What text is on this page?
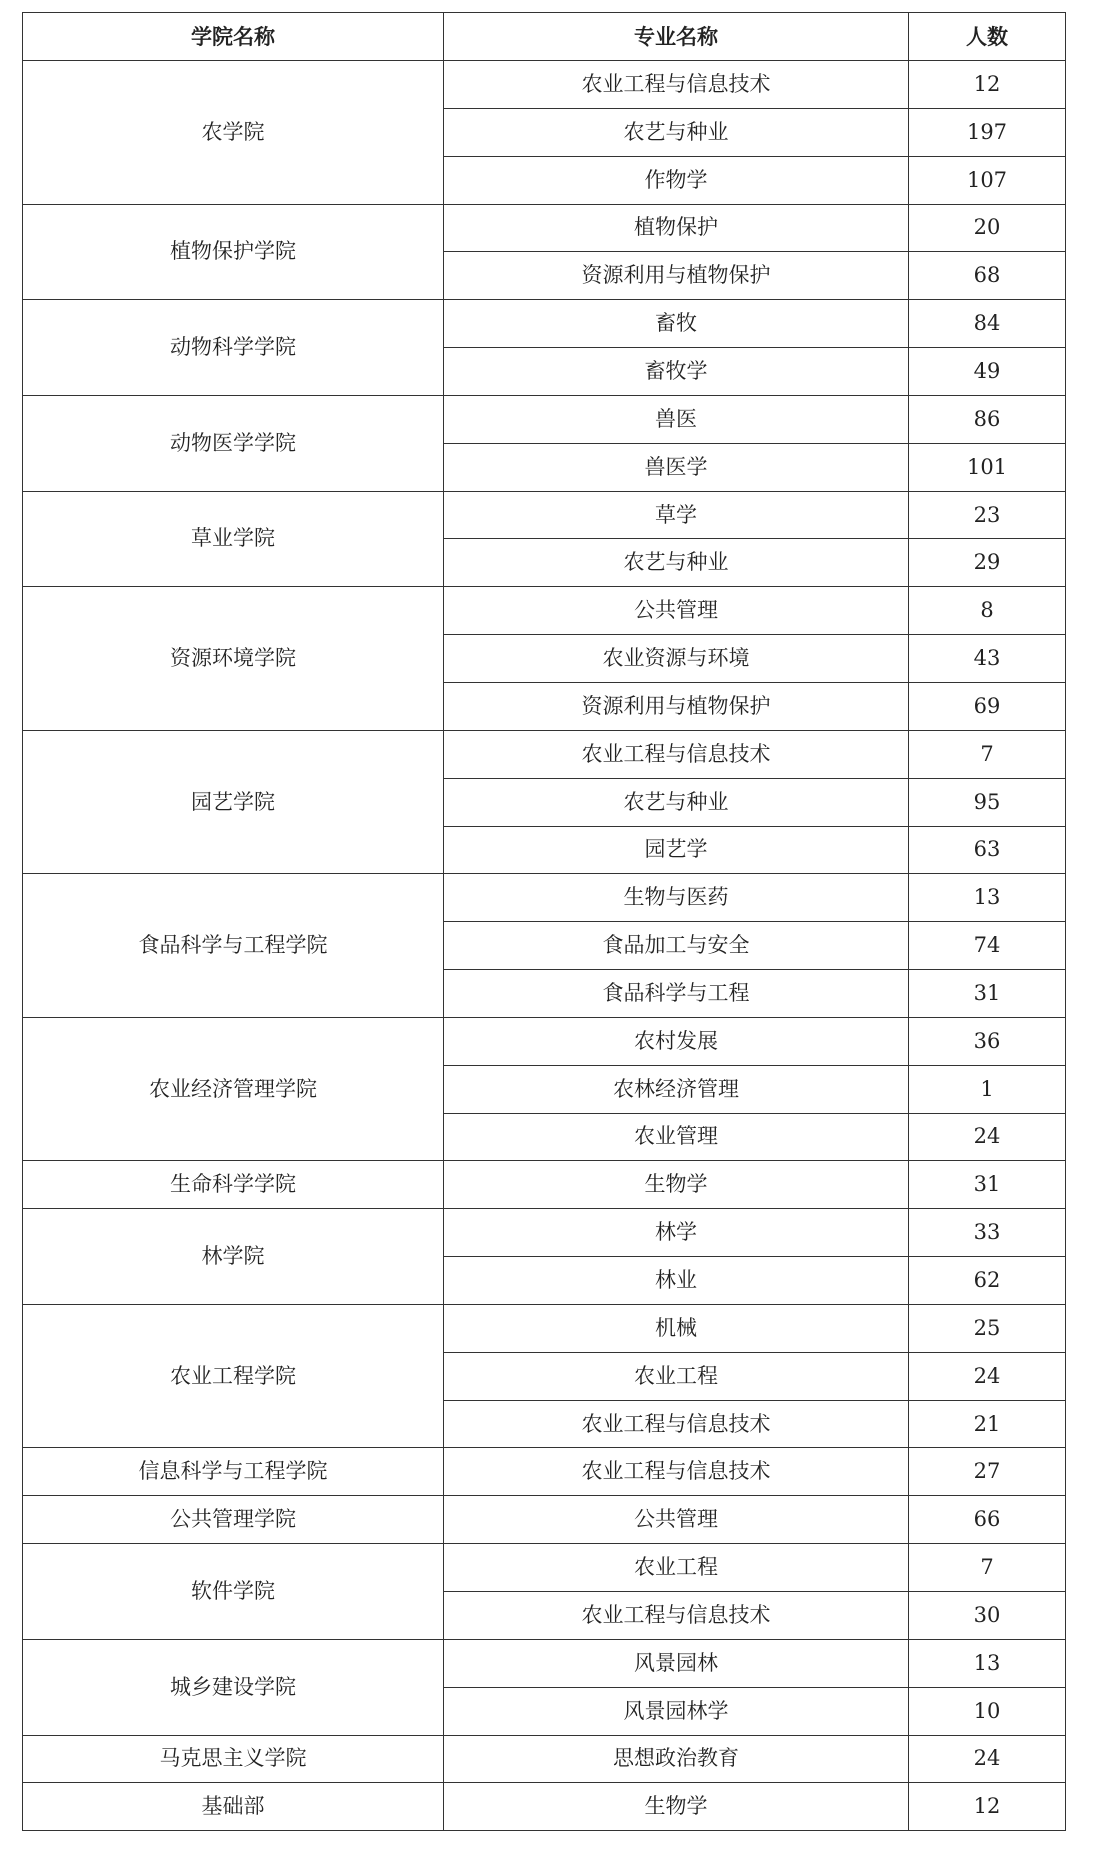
学院名称	专业名称	人数
农学院	农业工程与信息技术	12
	农艺与种业	197
	作物学	107
植物保护学院	植物保护	20
	资源利用与植物保护	68
动物科学学院	畜牧	84
	畜牧学	49
动物医学学院	兽医	86
	兽医学	101
草业学院	草学	23
	农艺与种业	29
资源环境学院	公共管理	8
	农业资源与环境	43
	资源利用与植物保护	69
园艺学院	农业工程与信息技术	7
	农艺与种业	95
	园艺学	63
食品科学与工程学院	生物与医药	13
	食品加工与安全	74
	食品科学与工程	31
农业经济管理学院	农村发展	36
	农林经济管理	1
	农业管理	24
生命科学学院	生物学	31
林学院	林学	33
	林业	62
农业工程学院	机械	25
	农业工程	24
	农业工程与信息技术	21
信息科学与工程学院	农业工程与信息技术	27
公共管理学院	公共管理	66
软件学院	农业工程	7
	农业工程与信息技术	30
城乡建设学院	风景园林	13
	风景园林学	10
马克思主义学院	思想政治教育	24
基础部	生物学	12
